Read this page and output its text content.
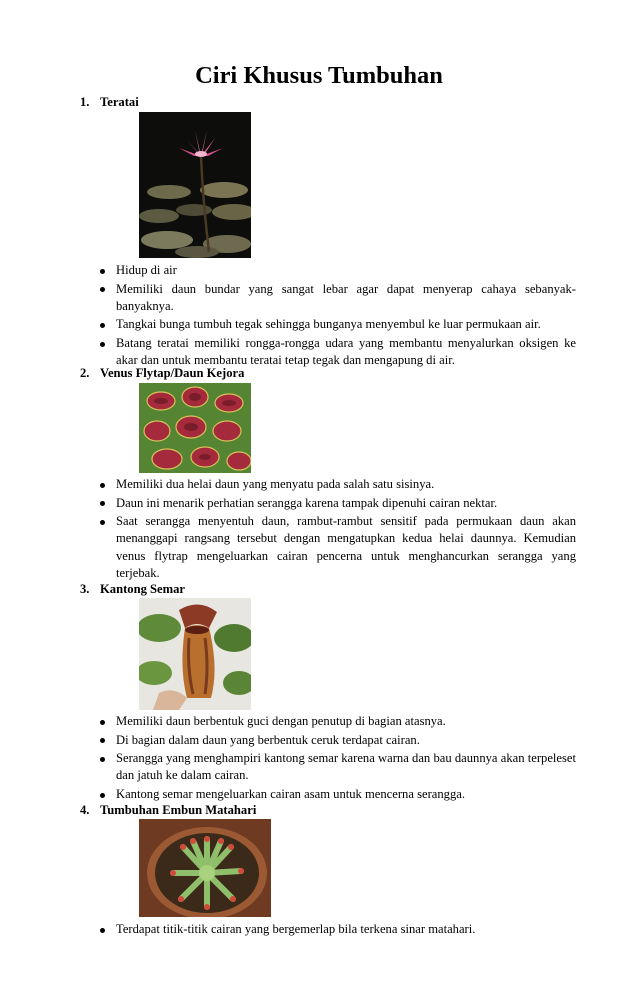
Ciri Khusus Tumbuhan
1. Teratai
Hidup di air
Memiliki daun bundar yang sangat lebar agar dapat menyerap cahaya sebanyak-banyaknya.
Tangkai bunga tumbuh tegak sehingga bunganya menyembul ke luar permukaan air.
Batang teratai memiliki rongga-rongga udara yang membantu menyalurkan oksigen ke akar dan untuk membantu teratai tetap tegak dan mengapung di air.
2. Venus Flytap/Daun Kejora
Memiliki dua helai daun yang menyatu pada salah satu sisinya.
Daun ini menarik perhatian serangga karena tampak dipenuhi cairan nektar.
Saat serangga menyentuh daun, rambut-rambut sensitif pada permukaan daun akan menanggapi rangsang tersebut dengan mengatupkan kedua helai daunnya. Kemudian venus flytrap mengeluarkan cairan pencerna untuk menghancurkan serangga yang terjebak.
3. Kantong Semar
Memiliki daun berbentuk guci dengan penutup di bagian atasnya.
Di bagian dalam daun yang berbentuk ceruk terdapat cairan.
Serangga yang menghampiri kantong semar karena warna dan bau daunnya akan terpeleset dan jatuh ke dalam cairan.
Kantong semar mengeluarkan cairan asam untuk mencerna serangga.
4. Tumbuhan Embun Matahari
Terdapat titik-titik cairan yang bergemerlap bila terkena sinar matahari.
